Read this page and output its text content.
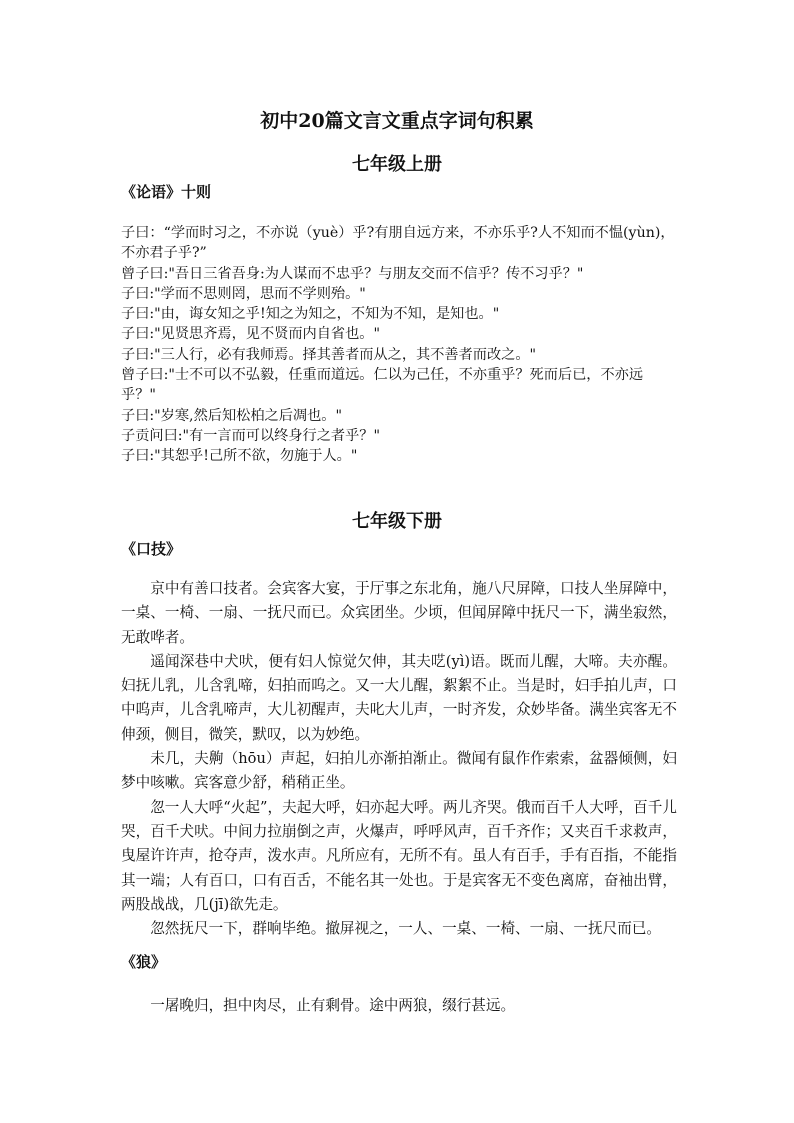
初中20篇文言文重点字词句积累
七年级上册
《论语》十则

子曰：“学而时习之，不亦说（yuè）乎?有朋自远方来，不亦乐乎?人不知而不愠(yùn)，不亦君子乎?”

曾子曰:"吾日三省吾身:为人谋而不忠乎？与朋友交而不信乎？传不习乎？"

子曰:"学而不思则罔，思而不学则殆。"

子曰:"由，诲女知之乎!知之为知之，不知为不知，是知也。"

子曰:"见贤思齐焉，见不贤而内自省也。"

子曰:"三人行，必有我师焉。择其善者而从之，其不善者而改之。"

曾子曰:"士不可以不弘毅，任重而道远。仁以为己任，不亦重乎？死而后已，不亦远乎？"

子曰:"岁寒,然后知松柏之后凋也。"

子贡问曰:"有一言而可以终身行之者乎？"

子曰:"其恕乎!己所不欲，勿施于人。"

七年级下册
《口技》

京中有善口技者。会宾客大宴，于厅事之东北角，施八尺屏障，口技人坐屏障中，一桌、一椅、一扇、一抚尺而已。众宾团坐。少顷，但闻屏障中抚尺一下，满坐寂然，无敢哗者。

遥闻深巷中犬吠，便有妇人惊觉欠伸，其夫呓(yì)语。既而儿醒，大啼。夫亦醒。妇抚儿乳，儿含乳啼，妇拍而呜之。又一大儿醒，絮絮不止。当是时，妇手拍儿声，口中呜声，儿含乳啼声，大儿初醒声，夫叱大儿声，一时齐发，众妙毕备。满坐宾客无不伸颈，侧目，微笑，默叹，以为妙绝。

未几，夫齁（hōu）声起，妇拍儿亦渐拍渐止。微闻有鼠作作索索，盆器倾侧，妇梦中咳嗽。宾客意少舒，稍稍正坐。

忽一人大呼“火起”，夫起大呼，妇亦起大呼。两儿齐哭。俄而百千人大呼，百千儿哭，百千犬吠。中间力拉崩倒之声，火爆声，呼呼风声，百千齐作；又夹百千求救声，曳屋许许声，抢夺声，泼水声。凡所应有，无所不有。虽人有百手，手有百指，不能指其一端；人有百口，口有百舌，不能名其一处也。于是宾客无不变色离席，奋袖出臂，两股战战，几(jī)欲先走。

忽然抚尺一下，群响毕绝。撤屏视之，一人、一桌、一椅、一扇、一抚尺而已。

《狼》

一屠晚归，担中肉尽，止有剩骨。途中两狼，缀行甚远。
